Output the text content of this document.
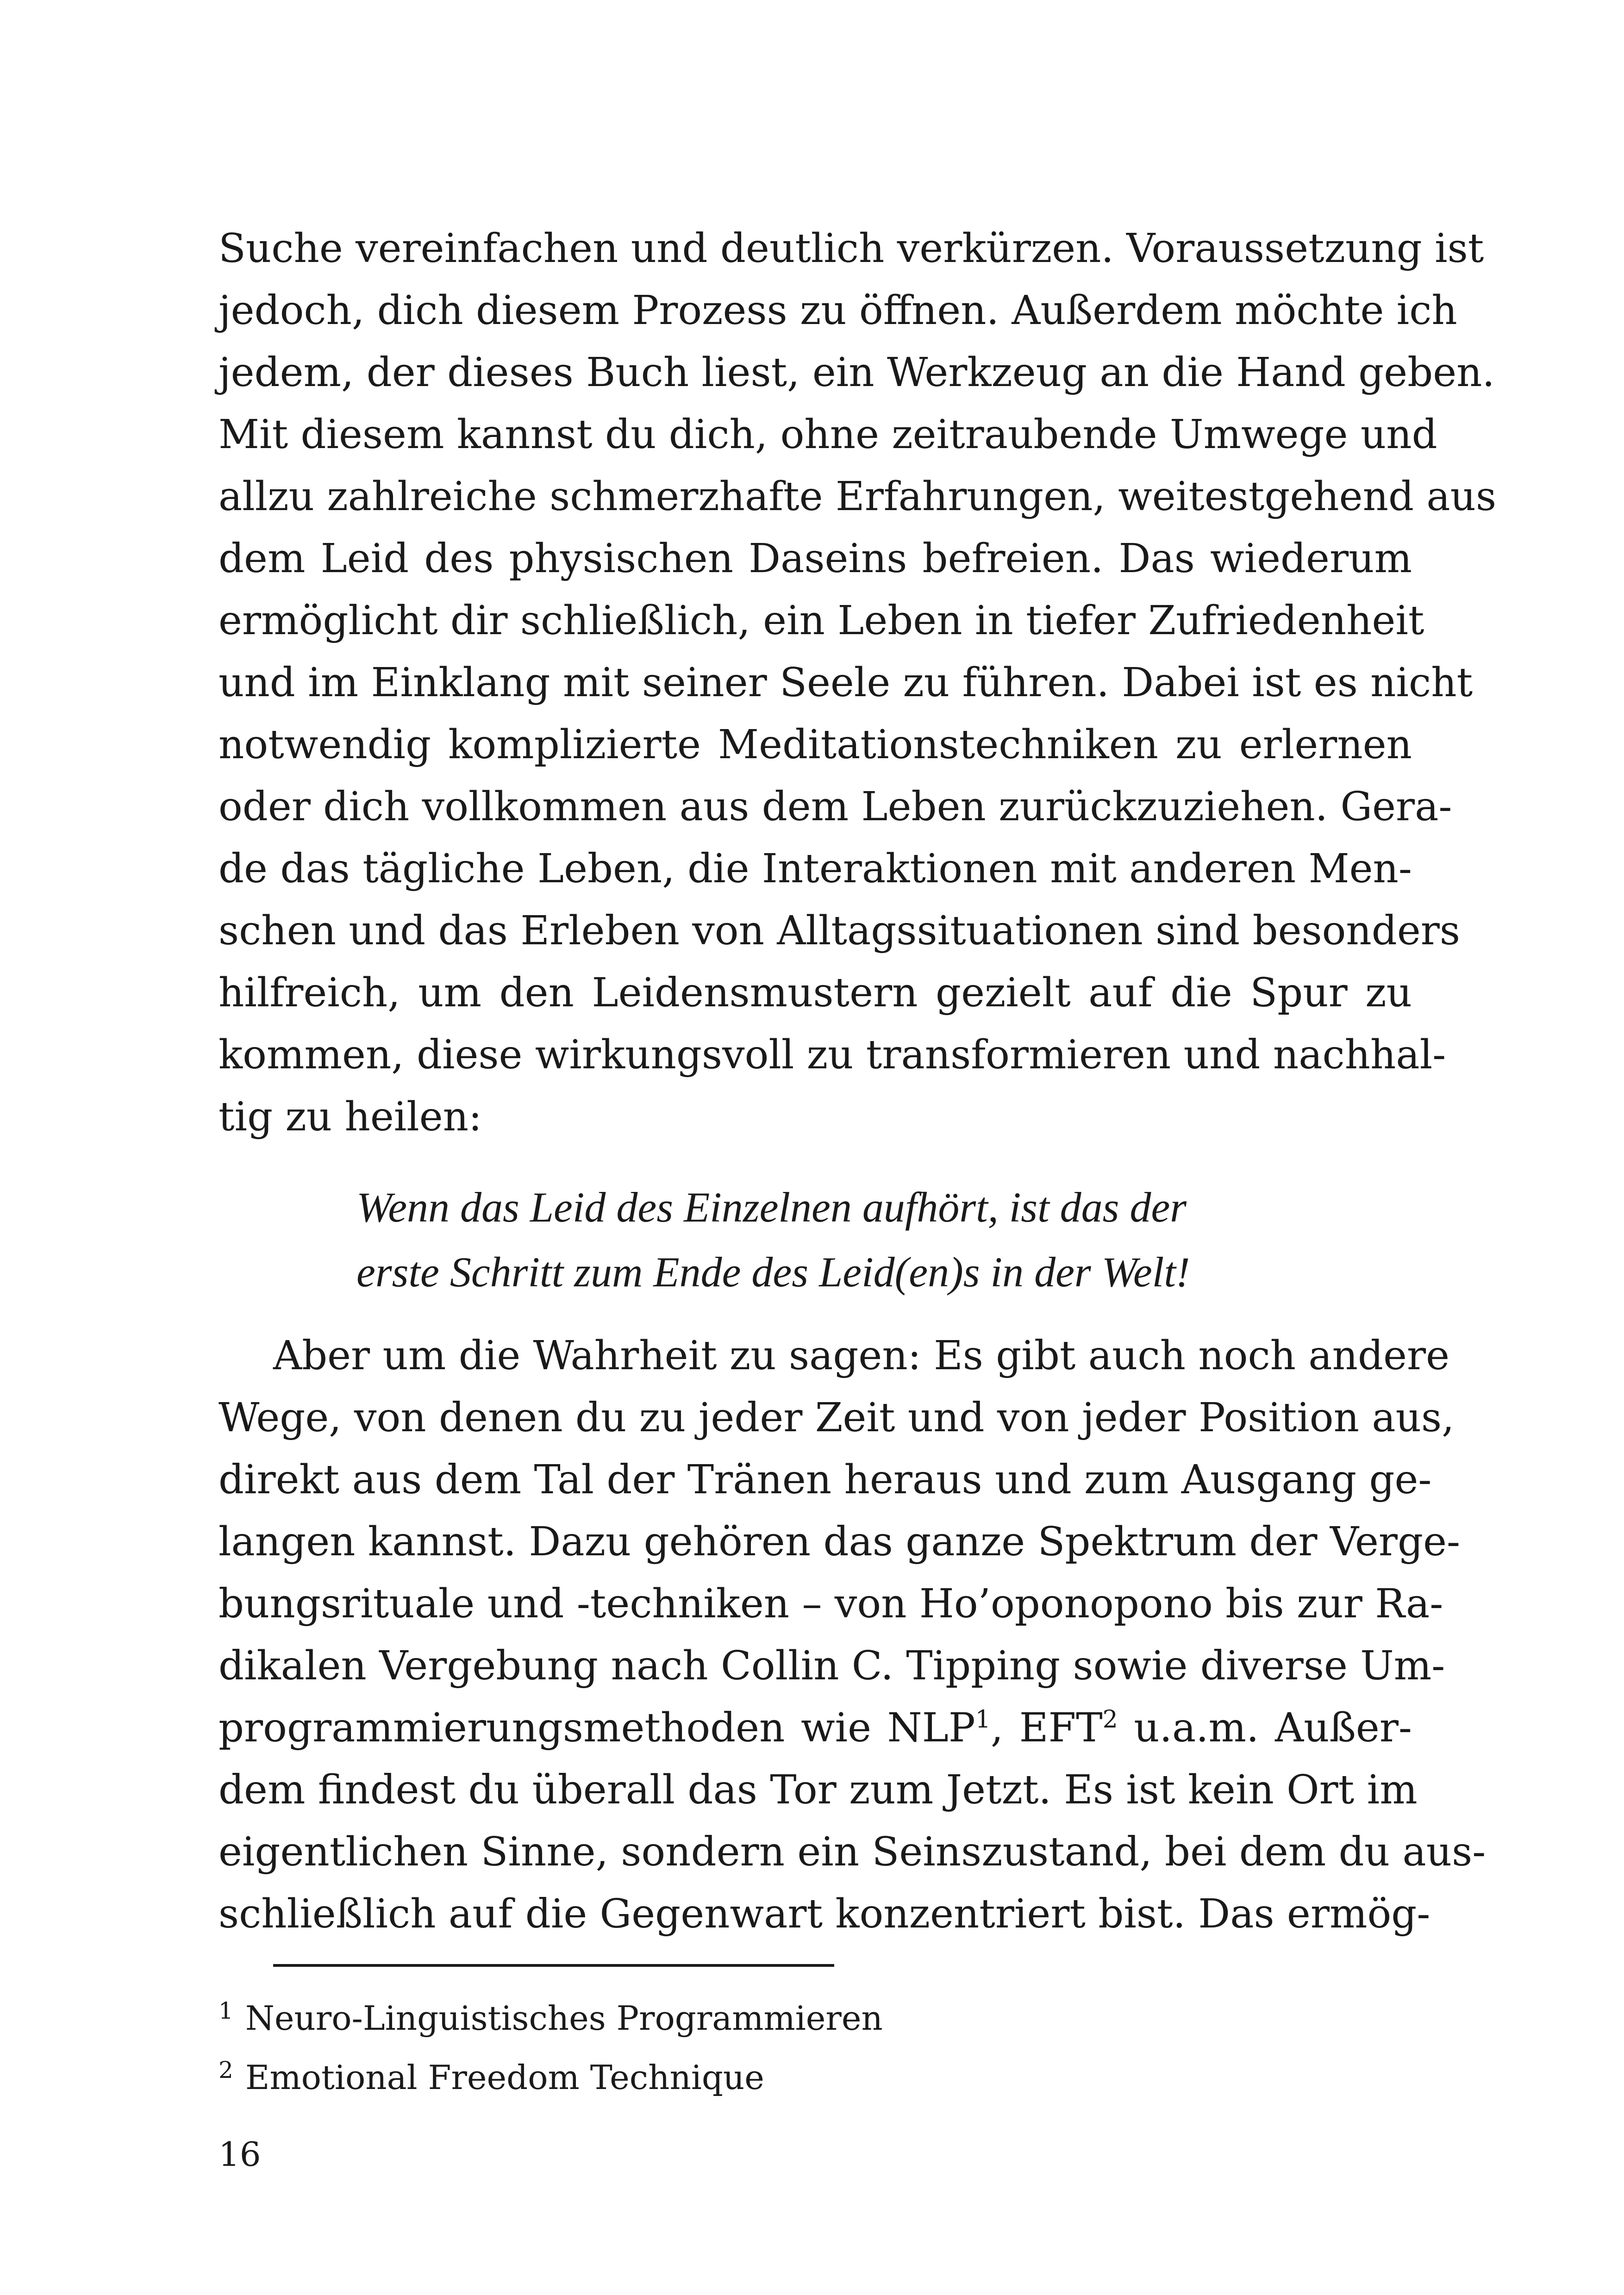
Suche vereinfachen und deutlich verkürzen. Voraussetzung ist
jedoch, dich diesem Prozess zu öffnen. Außerdem möchte ich
jedem, der dieses Buch liest, ein Werkzeug an die Hand geben.
Mit diesem kannst du dich, ohne zeitraubende Umwege und
allzu zahlreiche schmerzhafte Erfahrungen, weitestgehend aus
dem Leid des physischen Daseins befreien. Das wiederum
ermöglicht dir schließlich, ein Leben in tiefer Zufriedenheit
und im Einklang mit seiner Seele zu führen. Dabei ist es nicht
notwendig komplizierte Meditationstechniken zu erlernen
oder dich vollkommen aus dem Leben zurückzuziehen. Gera-
de das tägliche Leben, die Interaktionen mit anderen Men-
schen und das Erleben von Alltagssituationen sind besonders
hilfreich, um den Leidensmustern gezielt auf die Spur zu
kommen, diese wirkungsvoll zu transformieren und nachhal-
tig zu heilen:
Wenn das Leid des Einzelnen aufhört, ist das der
erste Schritt zum Ende des Leid(en)s in der Welt!
Aber um die Wahrheit zu sagen: Es gibt auch noch andere
Wege, von denen du zu jeder Zeit und von jeder Position aus,
direkt aus dem Tal der Tränen heraus und zum Ausgang ge-
langen kannst. Dazu gehören das ganze Spektrum der Verge-
bungsrituale und -techniken – von Ho’oponopono bis zur Ra-
dikalen Vergebung nach Collin C. Tipping sowie diverse Um-
programmierungsmethoden wie NLP$^1$, EFT$^2$ u.a.m. Außer-
dem findest du überall das Tor zum Jetzt. Es ist kein Ort im
eigentlichen Sinne, sondern ein Seinszustand, bei dem du aus-
schließlich auf die Gegenwart konzentriert bist. Das ermög-
$^1$ Neuro-Linguistisches Programmieren
$^2$ Emotional Freedom Technique
16
